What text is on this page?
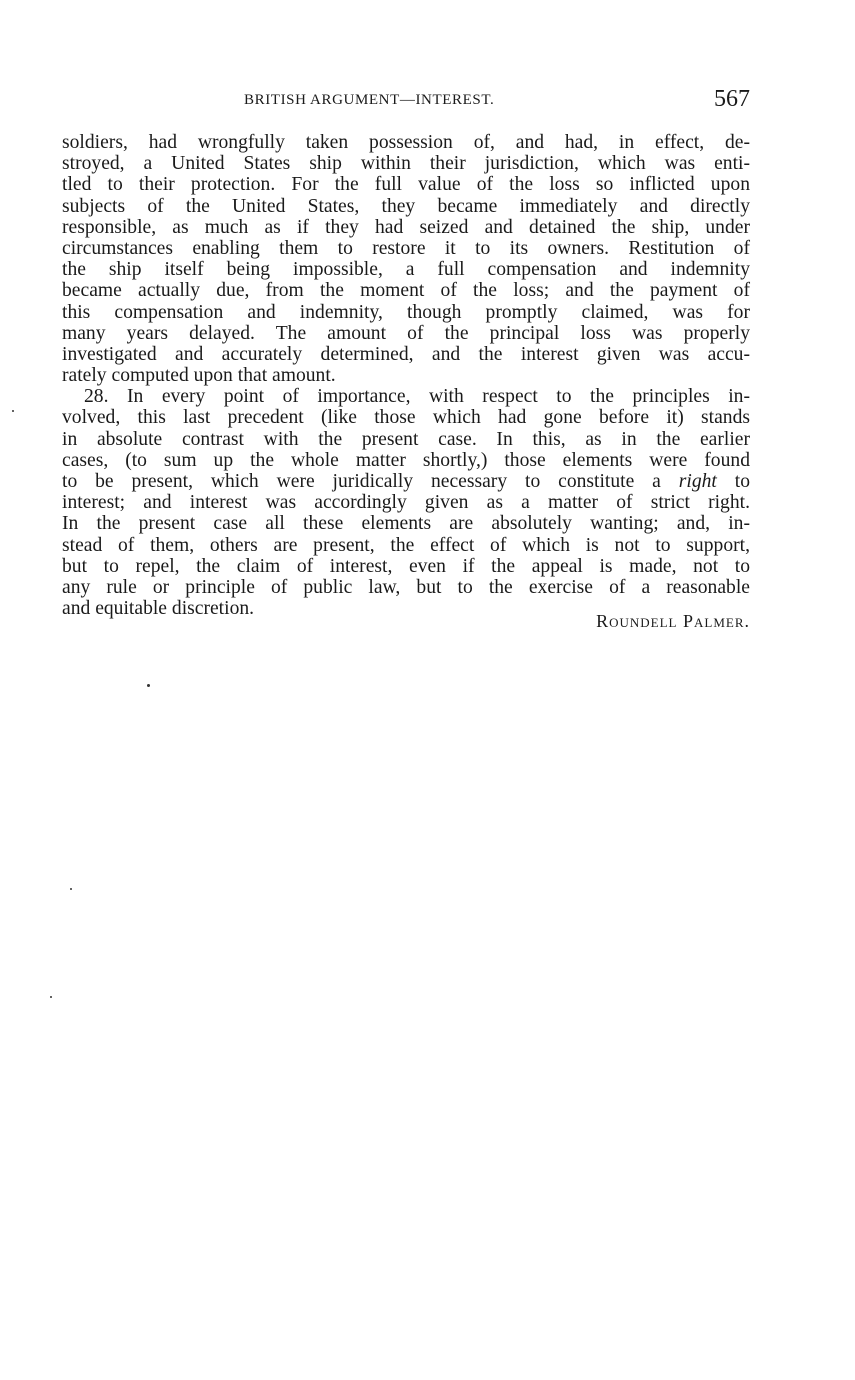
BRITISH ARGUMENT—INTEREST.	567
soldiers, had wrongfully taken possession of, and had, in effect, de-
stroyed, a United States ship within their jurisdiction, which was enti-
tled to their protection. For the full value of the loss so inflicted upon
subjects of the United States, they became immediately and directly
responsible, as much as if they had seized and detained the ship, under
circumstances enabling them to restore it to its owners. Restitution of
the ship itself being impossible, a full compensation and indemnity
became actually due, from the moment of the loss; and the payment of
this compensation and indemnity, though promptly claimed, was for
many years delayed. The amount of the principal loss was properly
investigated and accurately determined, and the interest given was accu-
rately computed upon that amount.
28. In every point of importance, with respect to the principles in-
volved, this last precedent (like those which had gone before it) stands
in absolute contrast with the present case. In this, as in the earlier
cases, (to sum up the whole matter shortly,) those elements were found
to be present, which were juridically necessary to constitute a right to
interest; and interest was accordingly given as a matter of strict right.
In the present case all these elements are absolutely wanting; and, in-
stead of them, others are present, the effect of which is not to support,
but to repel, the claim of interest, even if the appeal is made, not to
any rule or principle of public law, but to the exercise of a reasonable
and equitable discretion.
Roundell Palmer.
